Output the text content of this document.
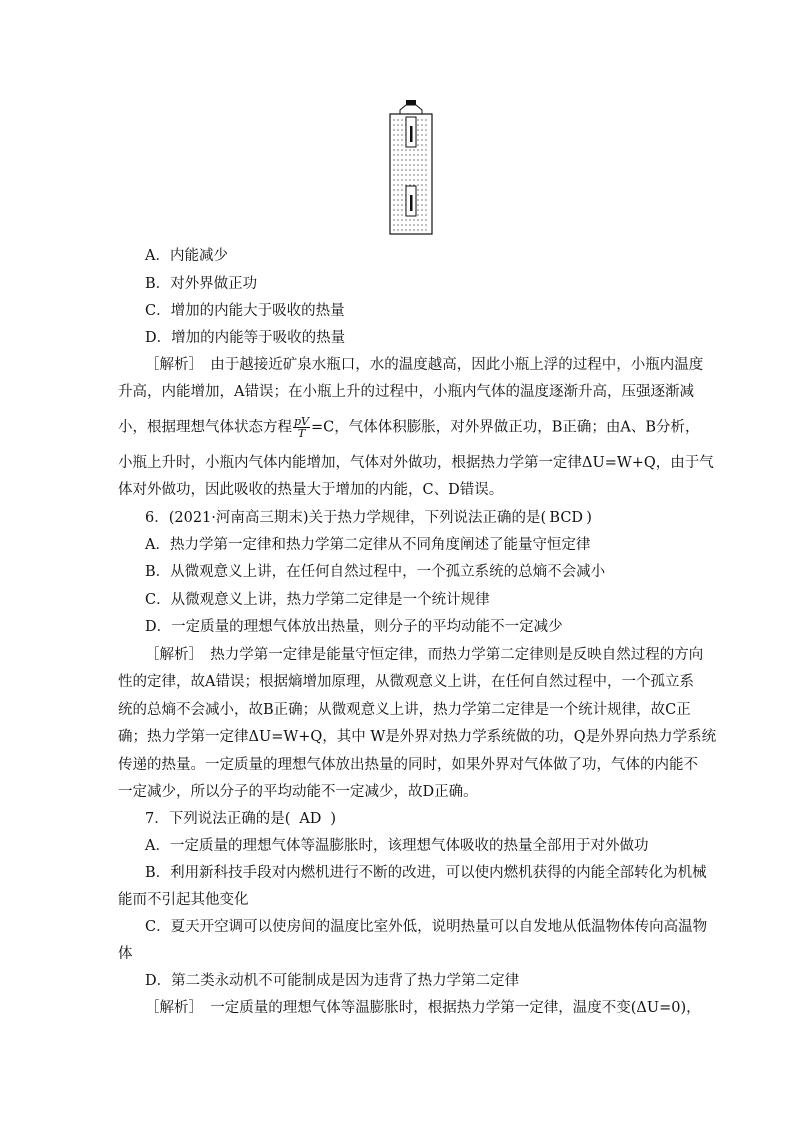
A．内能减少
B．对外界做正功
C．增加的内能大于吸收的热量
D．增加的内能等于吸收的热量
［解析］　由于越接近矿泉水瓶口，水的温度越高，因此小瓶上浮的过程中，小瓶内温度
升高，内能增加，A错误；在小瓶上升的过程中，小瓶内气体的温度逐渐升高，压强逐渐减
小，根据理想气体状态方程 $\frac{pV}{T} =C$，气体体积膨胀，对外界做正功，B正确；由A、B分析，
小瓶上升时，小瓶内气体内能增加，气体对外做功，根据热力学第一定律ΔU=W+Q，由于气
体对外做功，因此吸收的热量大于增加的内能，C、D错误。
6．(2021·河南高三期末)关于热力学规律，下列说法正确的是( BCD )
A．热力学第一定律和热力学第二定律从不同角度阐述了能量守恒定律
B．从微观意义上讲，在任何自然过程中，一个孤立系统的总熵不会减小
C．从微观意义上讲，热力学第二定律是一个统计规律
D．一定质量的理想气体放出热量，则分子的平均动能不一定减少
［解析］　热力学第一定律是能量守恒定律，而热力学第二定律则是反映自然过程的方向
性的定律，故A错误；根据熵增加原理，从微观意义上讲，在任何自然过程中，一个孤立系
统的总熵不会减小，故B正确；从微观意义上讲，热力学第二定律是一个统计规律，故C正
确；热力学第一定律ΔU=W+Q，其中 W是外界对热力学系统做的功，Q是外界向热力学系统
传递的热量。一定质量的理想气体放出热量的同时，如果外界对气体做了功，气体的内能不
一定减少，所以分子的平均动能不一定减少，故D正确。
7．下列说法正确的是( AD )
A．一定质量的理想气体等温膨胀时，该理想气体吸收的热量全部用于对外做功
B．利用新科技手段对内燃机进行不断的改进，可以使内燃机获得的内能全部转化为机械
能而不引起其他变化
C．夏天开空调可以使房间的温度比室外低，说明热量可以自发地从低温物体传向高温物
体
D．第二类永动机不可能制成是因为违背了热力学第二定律
［解析］　一定质量的理想气体等温膨胀时，根据热力学第一定律，温度不变(ΔU=0)，
